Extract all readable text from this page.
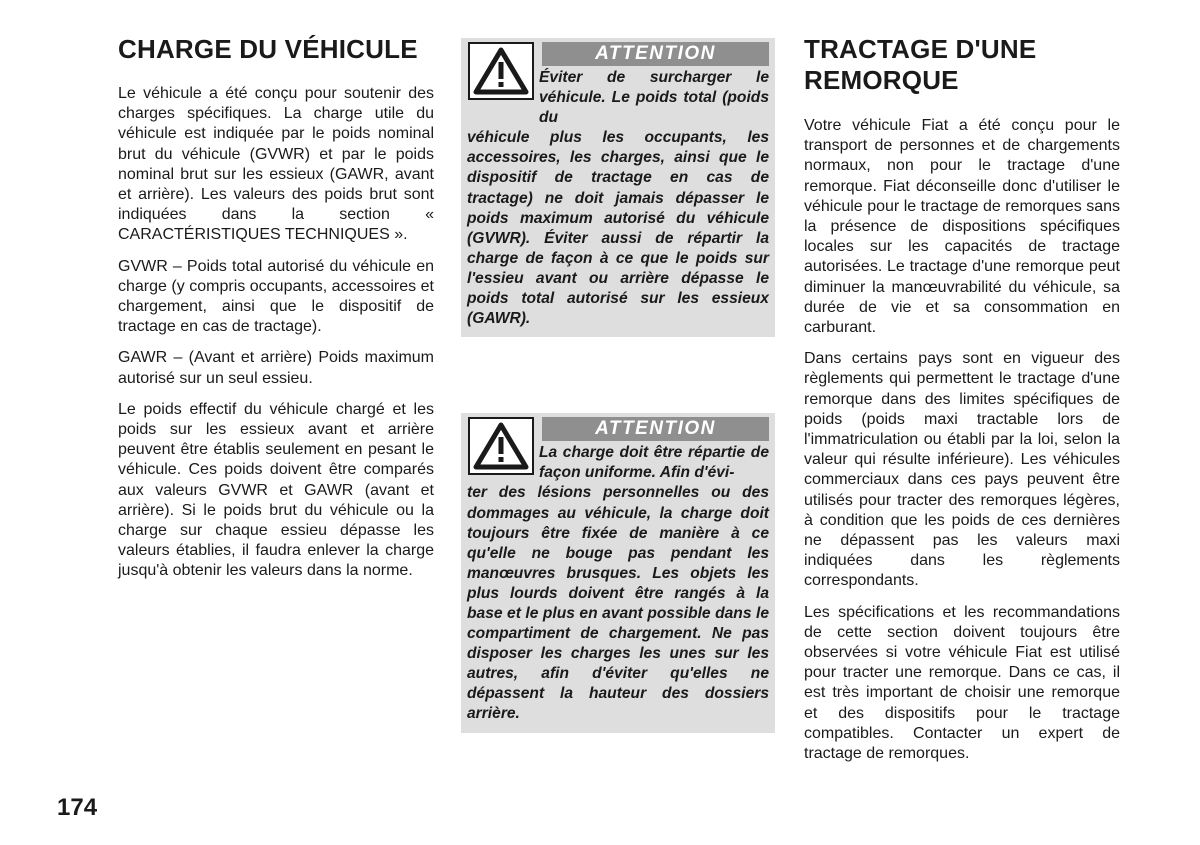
CHARGE DU VÉHICULE

Le véhicule a été conçu pour soutenir des charges spécifiques. La charge utile du véhicule est indiquée par le poids nominal brut du véhicule (GVWR) et par le poids nominal brut sur les essieux (GAWR, avant et arrière). Les valeurs des poids brut sont indiquées dans la section « CARACTÉRISTIQUES TECHNIQUES ».

GVWR – Poids total autorisé du véhicule en charge (y compris occupants, accessoires et chargement, ainsi que le dispositif de tractage en cas de tractage).

GAWR – (Avant et arrière) Poids maximum autorisé sur un seul essieu.

Le poids effectif du véhicule chargé et les poids sur les essieux avant et arrière peuvent être établis seulement en pesant le véhicule. Ces poids doivent être comparés aux valeurs GVWR et GAWR (avant et arrière). Si le poids brut du véhicule ou la charge sur chaque essieu dépasse les valeurs établies, il faudra enlever la charge jusqu'à obtenir les valeurs dans la norme.

ATTENTION

Éviter de surcharger le véhicule. Le poids total (poids du
véhicule plus les occupants, les accessoires, les charges, ainsi que le dispositif de tractage en cas de tractage) ne doit jamais dépasser le poids maximum autorisé du véhicule (GVWR). Éviter aussi de répartir la charge de façon à ce que le poids sur l'essieu avant ou arrière dépasse le poids total autorisé sur les essieux (GAWR).

ATTENTION

La charge doit être répartie de façon uniforme. Afin d'évi-
ter des lésions personnelles ou des dommages au véhicule, la charge doit toujours être fixée de manière à ce qu'elle ne bouge pas pendant les manœuvres brusques. Les objets les plus lourds doivent être rangés à la base et le plus en avant possible dans le compartiment de chargement. Ne pas disposer les charges les unes sur les autres, afin d'éviter qu'elles ne dépassent la hauteur des dossiers arrière.

TRACTAGE D'UNE REMORQUE

Votre véhicule Fiat a été conçu pour le transport de personnes et de chargements normaux, non pour le tractage d'une remorque. Fiat déconseille donc d'utiliser le véhicule pour le tractage de remorques sans la présence de dispositions spécifiques locales sur les capacités de tractage autorisées. Le tractage d'une remorque peut diminuer la manœuvrabilité du véhicule, sa durée de vie et sa consommation en carburant.

Dans certains pays sont en vigueur des règlements qui permettent le tractage d'une remorque dans des limites spécifiques de poids (poids maxi tractable lors de l'immatriculation ou établi par la loi, selon la valeur qui résulte inférieure). Les véhicules commerciaux dans ces pays peuvent être utilisés pour tracter des remorques légères, à condition que les poids de ces dernières ne dépassent pas les valeurs maxi indiquées dans les règlements correspondants.

Les spécifications et les recommandations de cette section doivent toujours être observées si votre véhicule Fiat est utilisé pour tracter une remorque. Dans ce cas, il est très important de choisir une remorque et des dispositifs pour le tractage compatibles. Contacter un expert de tractage de remorques.

174
